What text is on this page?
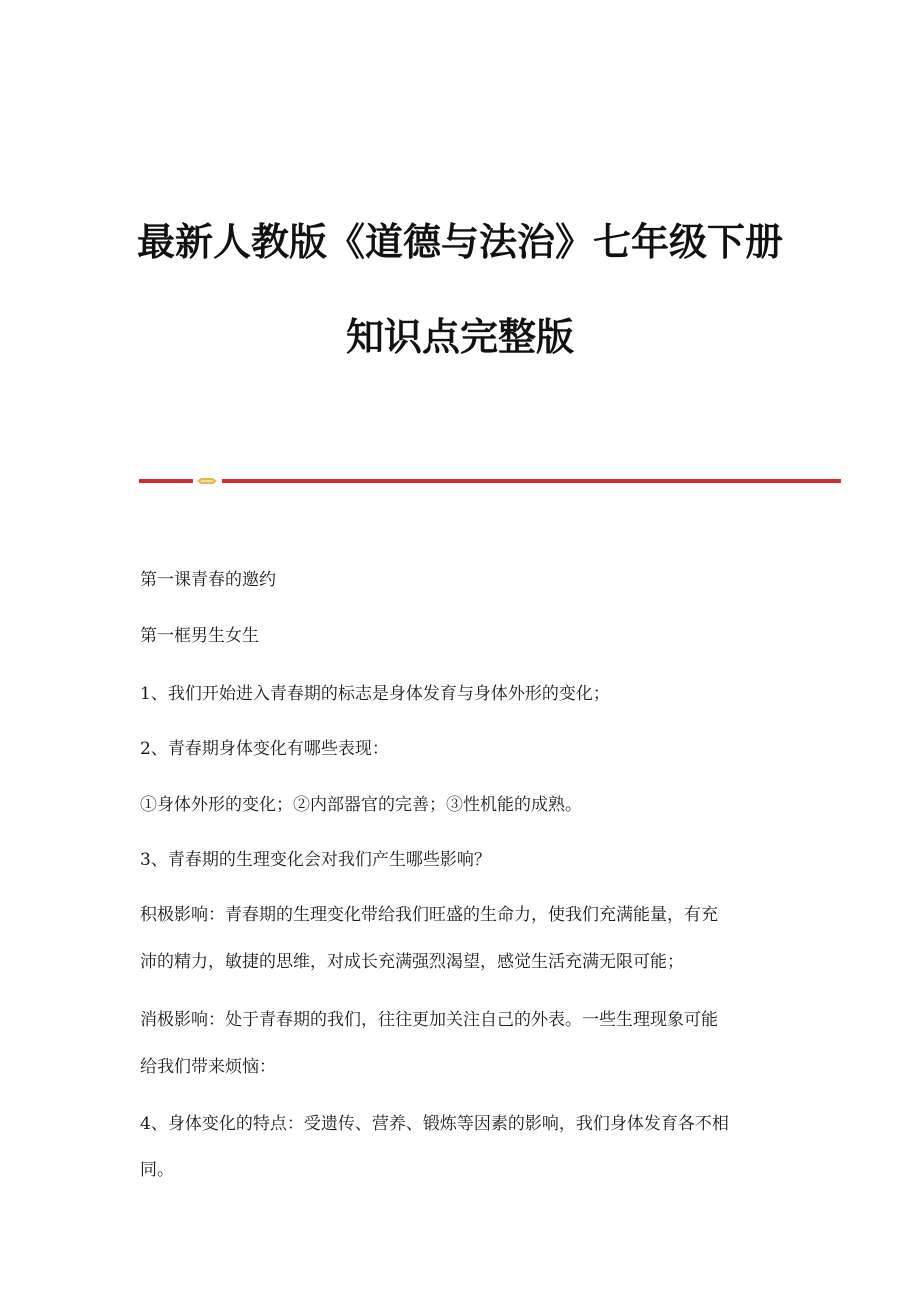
最新人教版《道德与法治》七年级下册
知识点完整版
第一课青春的邀约
第一框男生女生
1、我们开始进入青春期的标志是身体发育与身体外形的变化；
2、青春期身体变化有哪些表现：
①身体外形的变化；②内部器官的完善；③性机能的成熟。
3、青春期的生理变化会对我们产生哪些影响？
积极影响：青春期的生理变化带给我们旺盛的生命力，使我们充满能量，有充
沛的精力，敏捷的思维，对成长充满强烈渴望，感觉生活充满无限可能；
消极影响：处于青春期的我们，往往更加关注自己的外表。一些生理现象可能
给我们带来烦恼：
4、身体变化的特点：受遗传、营养、锻炼等因素的影响，我们身体发育各不相
同。
